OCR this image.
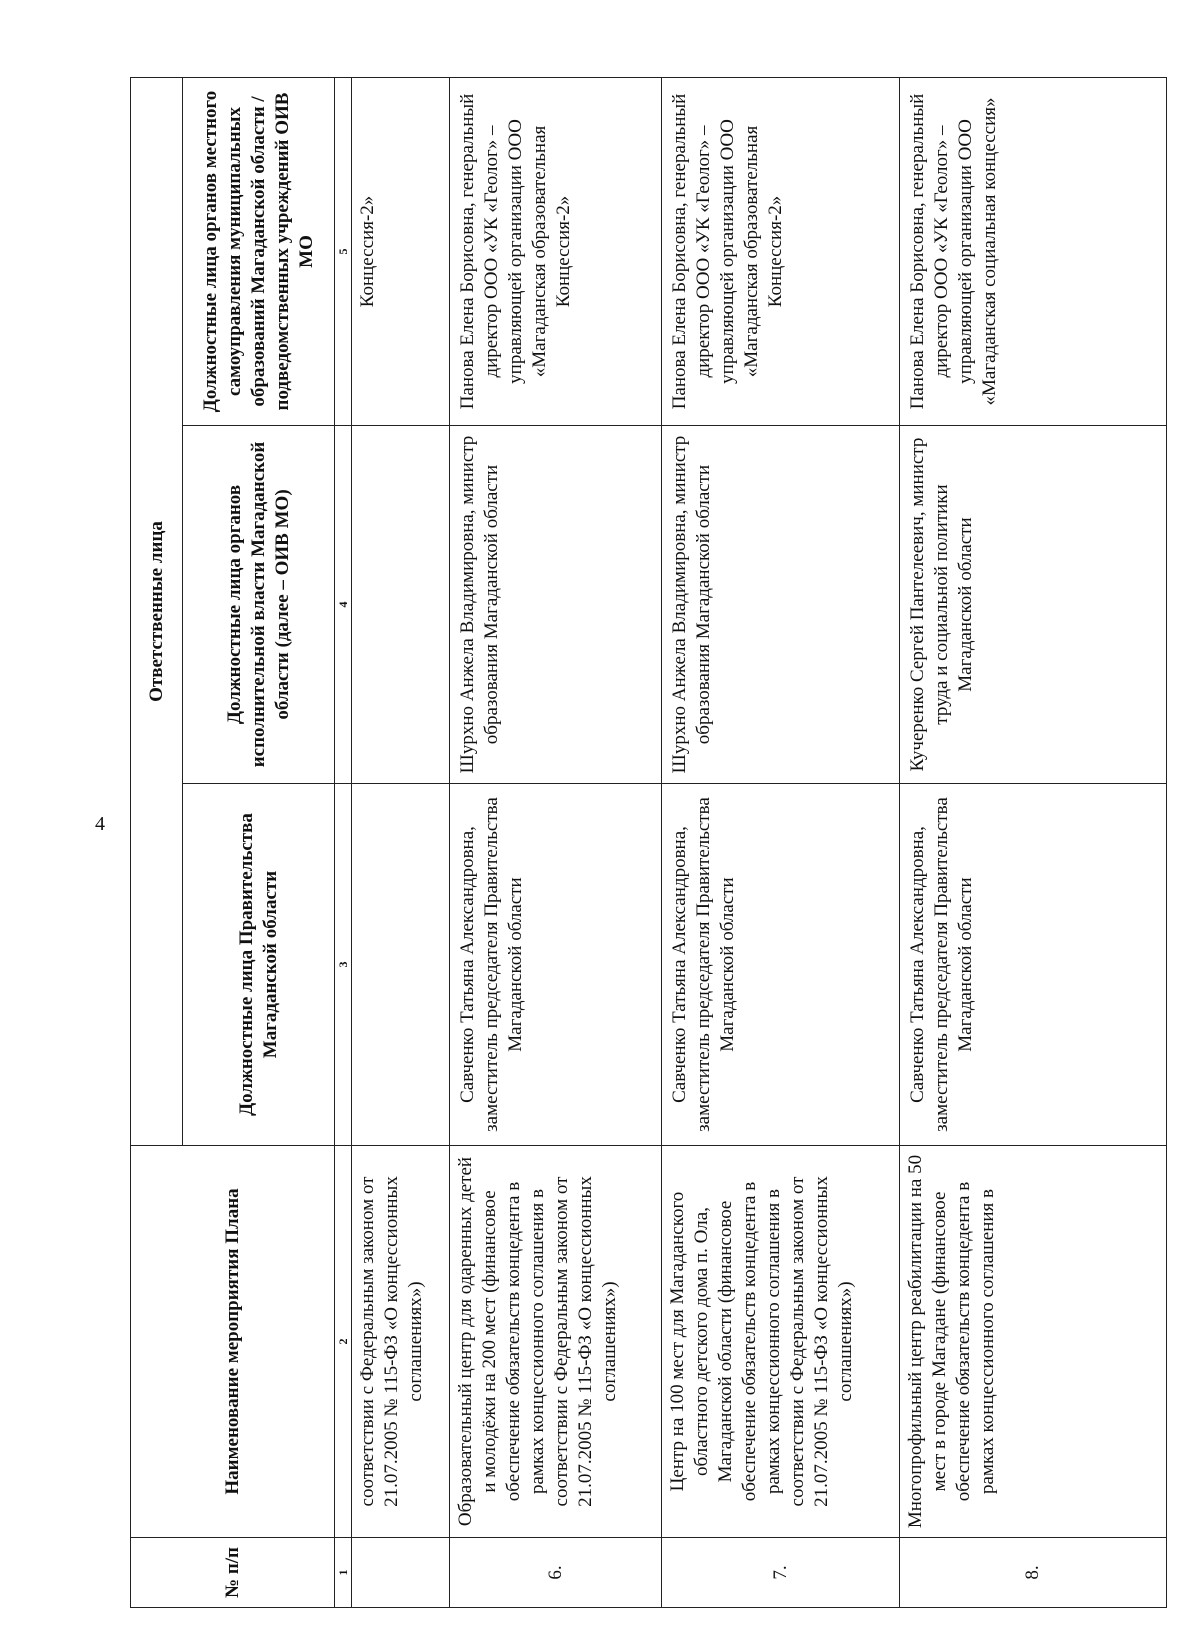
4
№ п/п	Наименование мероприятия Плана	Ответственные лица		
		Должностные лица Правительства Магаданской области	Должностные лица органов исполнительной власти Магаданской области (далее – ОИВ МО)	Должностные лица органов местного самоуправления муниципальных образований Магаданской области / подведомственных учреждений ОИВ МО
1	2	3	4	5
	соответствии с Федеральным законом от 21.07.2005 № 115-ФЗ «О концессионных соглашениях»)			Концессия-2»
6.	Образовательный центр для одаренных детей и молодёжи на 200 мест (финансовое обеспечение обязательств концедента в рамках концессионного соглашения в соответствии с Федеральным законом от 21.07.2005 № 115-ФЗ «О концессионных соглашениях»)	Савченко Татьяна Александровна, заместитель председателя Правительства Магаданской области	Шурхно Анжела Владимировна, министр образования Магаданской области	Панова Елена Борисовна, генеральный директор ООО «УК «Геолог» – управляющей организации ООО «Магаданская образовательная Концессия-2»
7.	Центр на 100 мест для Магаданского областного детского дома п. Ола, Магаданской области (финансовое обеспечение обязательств концедента в рамках концессионного соглашения в соответствии с Федеральным законом от 21.07.2005 № 115-ФЗ «О концессионных соглашениях»)	Савченко Татьяна Александровна, заместитель председателя Правительства Магаданской области	Шурхно Анжела Владимировна, министр образования Магаданской области	Панова Елена Борисовна, генеральный директор ООО «УК «Геолог» – управляющей организации ООО «Магаданская образовательная Концессия-2»
8.	Многопрофильный центр реабилитации на 50 мест в городе Магадане (финансовое обеспечение обязательств концедента в рамках концессионного соглашения в	Савченко Татьяна Александровна, заместитель председателя Правительства Магаданской области	Кучеренко Сергей Пантелеевич, министр труда и социальной политики Магаданской области	Панова Елена Борисовна, генеральный директор ООО «УК «Геолог» – управляющей организации ООО «Магаданская социальная концессия»
